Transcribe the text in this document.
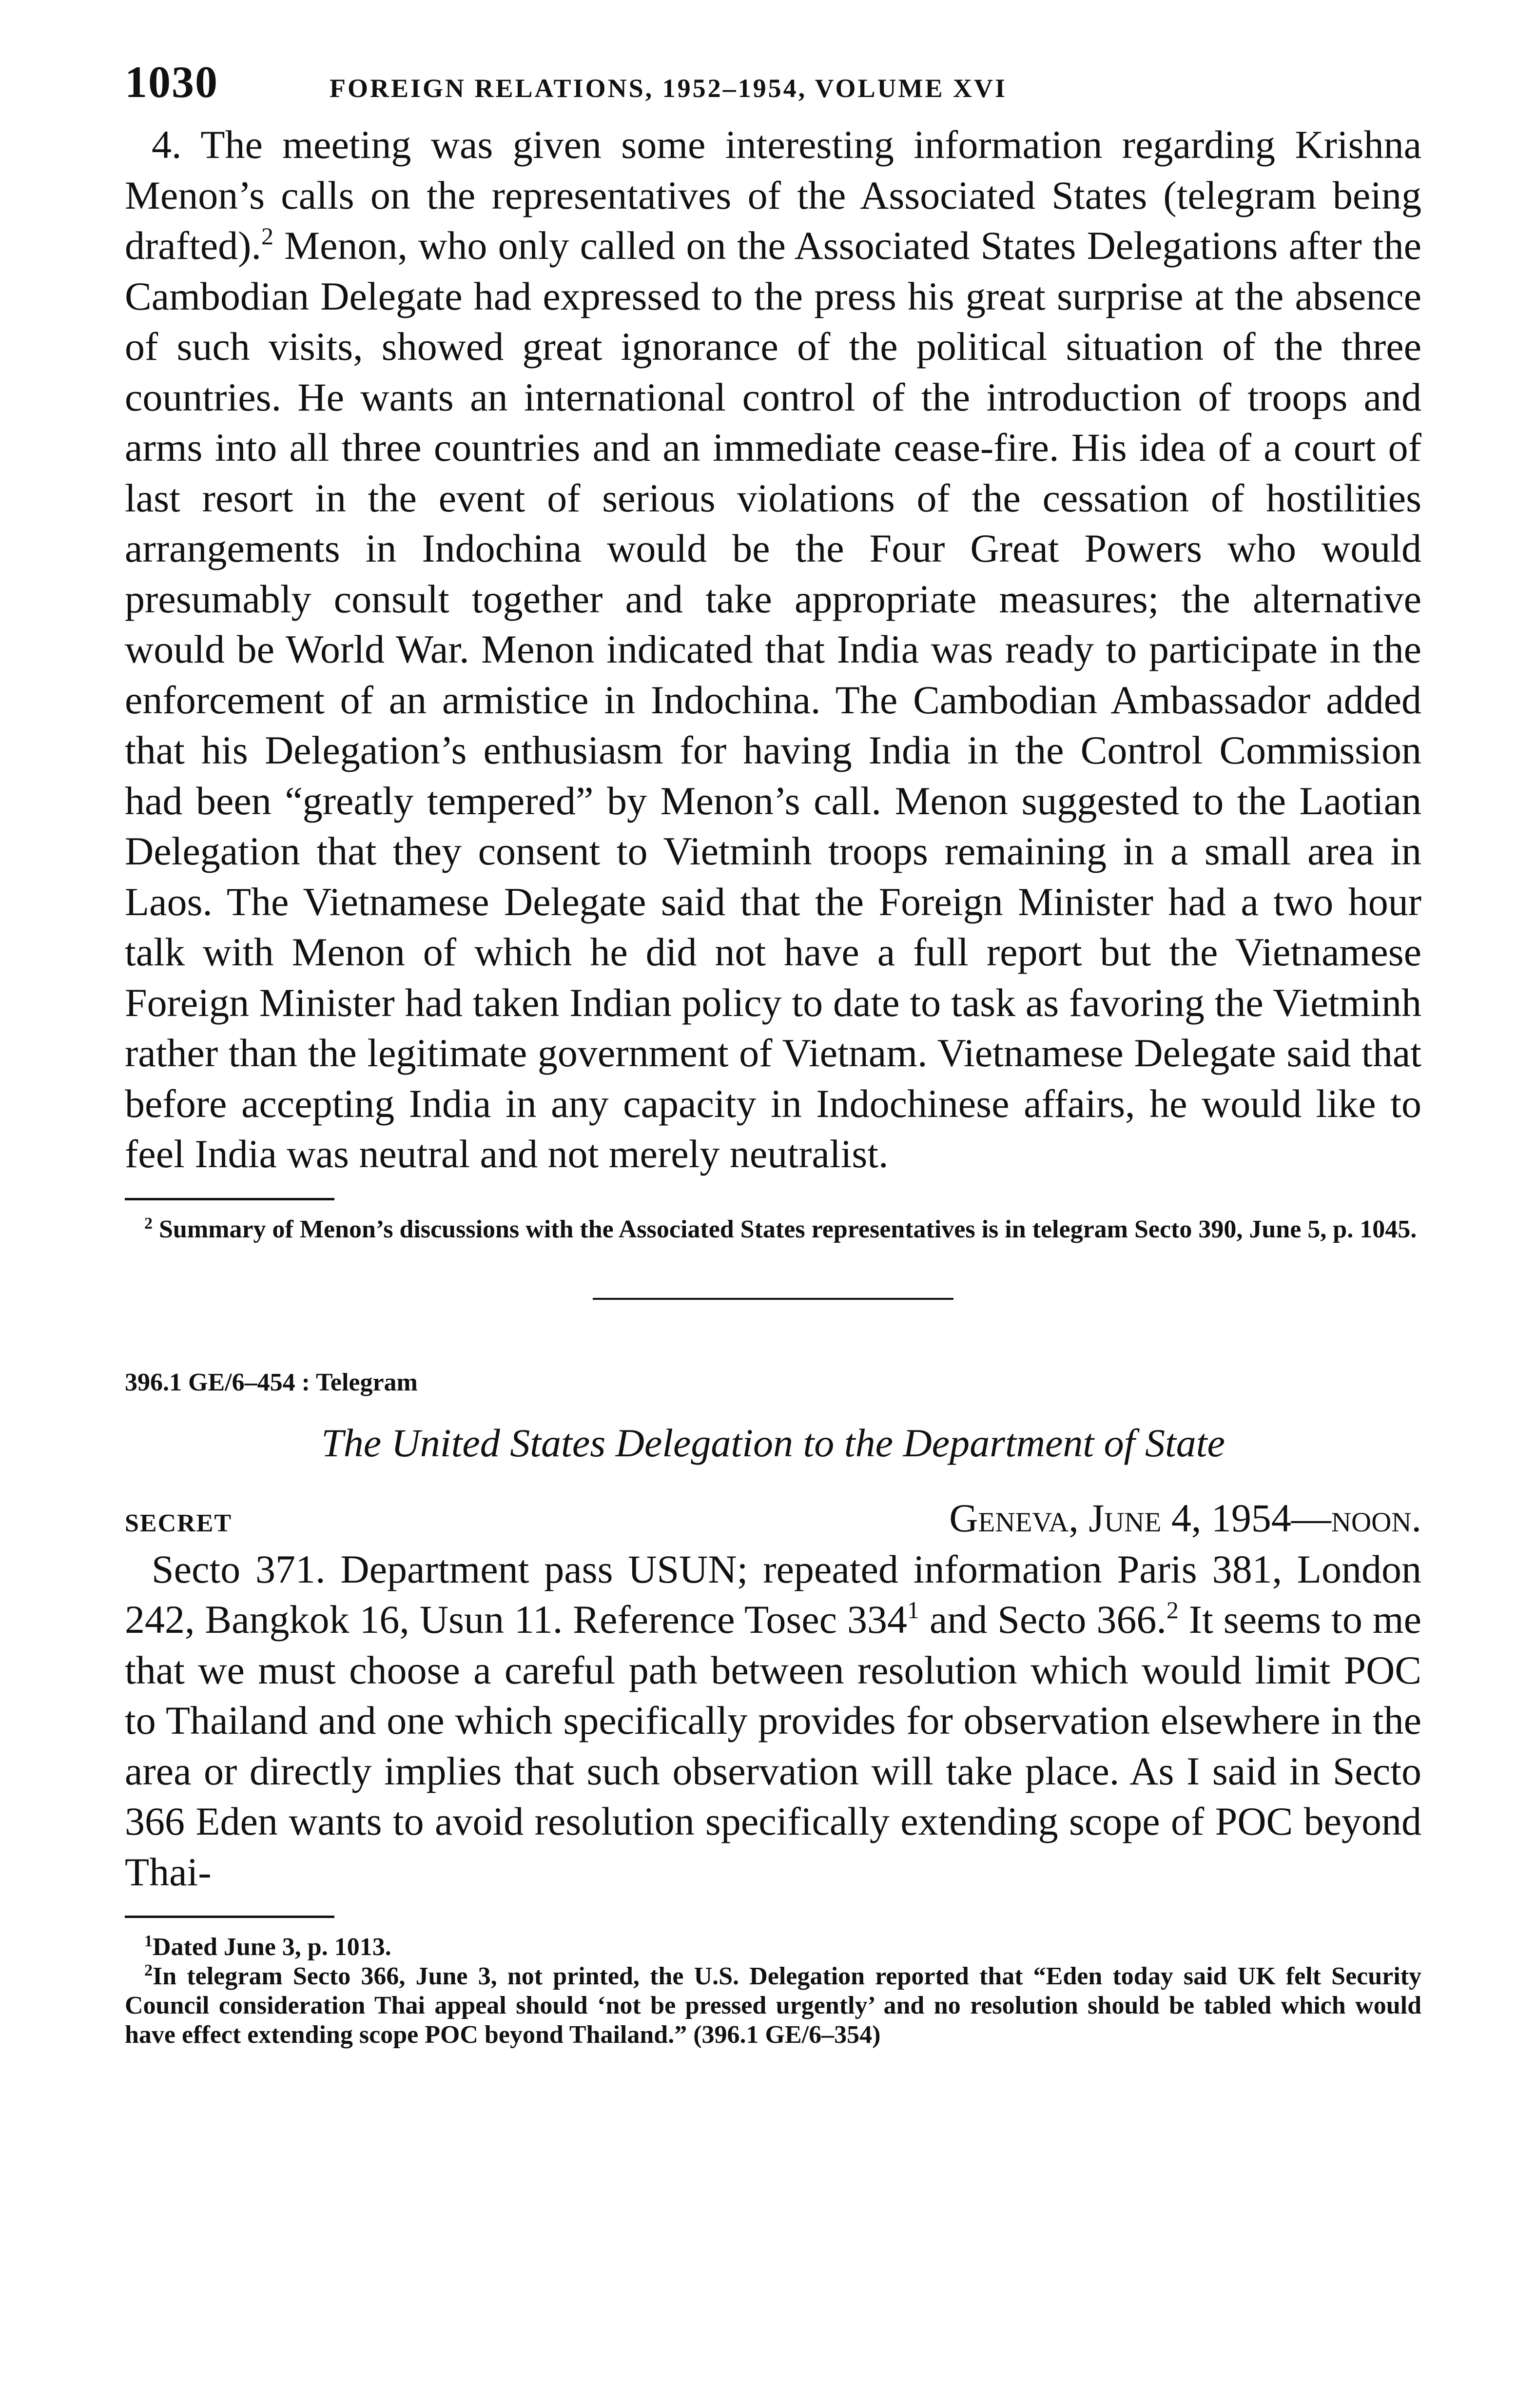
1030	FOREIGN RELATIONS, 1952–1954, VOLUME XVI

4. The meeting was given some interesting information regarding Krishna Menon’s calls on the representatives of the Associated States (telegram being drafted).$^2$ Menon, who only called on the Associated States Delegations after the Cambodian Delegate had expressed to the press his great surprise at the absence of such visits, showed great ignorance of the political situation of the three countries. He wants an international control of the introduction of troops and arms into all three countries and an immediate cease-fire. His idea of a court of last resort in the event of serious violations of the cessation of hostilities arrangements in Indochina would be the Four Great Powers who would presumably consult together and take appropriate measures; the alternative would be World War. Menon indicated that India was ready to participate in the enforcement of an armistice in Indochina. The Cambodian Ambassador added that his Delegation’s enthusiasm for having India in the Control Commission had been “greatly tempered” by Menon’s call. Menon suggested to the Laotian Delegation that they consent to Vietminh troops remaining in a small area in Laos. The Vietnamese Delegate said that the Foreign Minister had a two hour talk with Menon of which he did not have a full report but the Vietnamese Foreign Minister had taken Indian policy to date to task as favoring the Vietminh rather than the legitimate government of Vietnam. Vietnamese Delegate said that before accepting India in any capacity in Indochinese affairs, he would like to feel India was neutral and not merely neutralist.

$^2$ Summary of Menon’s discussions with the Associated States representatives is in telegram Secto 390, June 5, p. 1045.

396.1 GE/6–454 : Telegram

The United States Delegation to the Department of State

SECRET	Geneva, June 4, 1954—noon.

Secto 371. Department pass USUN; repeated information Paris 381, London 242, Bangkok 16, Usun 11. Reference Tosec $334^1$ and Secto 366.$^2$ It seems to me that we must choose a careful path between resolution which would limit POC to Thailand and one which specifically provides for observation elsewhere in the area or directly implies that such observation will take place. As I said in Secto 366 Eden wants to avoid resolution specifically extending scope of POC beyond Thai-

$^1$Dated June 3, p. 1013.

$^2$In telegram Secto 366, June 3, not printed, the U.S. Delegation reported that “Eden today said UK felt Security Council consideration Thai appeal should ‘not be pressed urgently’ and no resolution should be tabled which would have effect extending scope POC beyond Thailand.” (396.1 GE/6–354)
